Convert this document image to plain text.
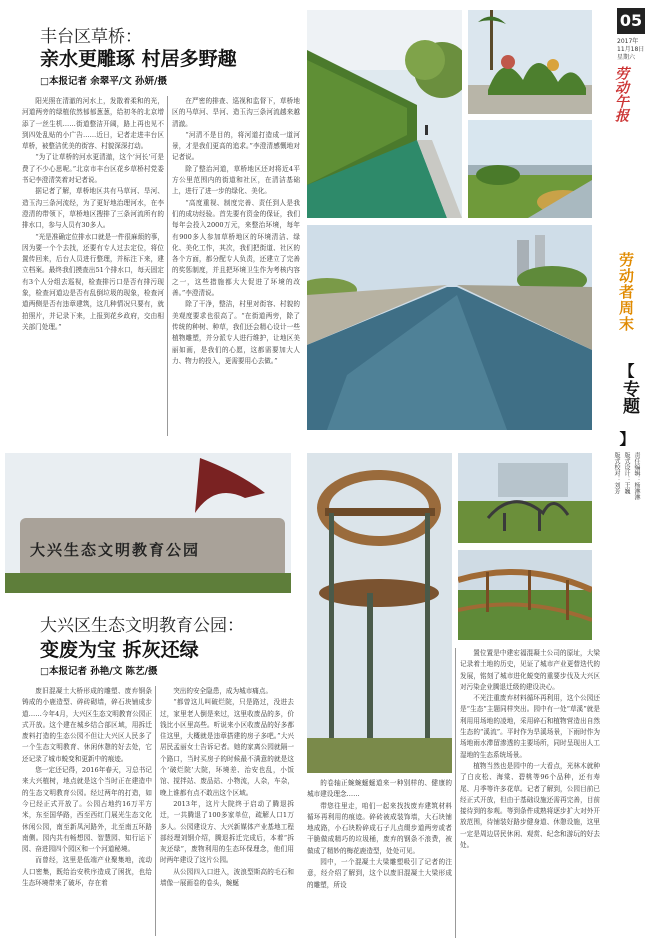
05
2017年
11月18日
星期六
劳动午报
劳动者周末
【
专题
】
责任编辑：杨淋淋
版式设计：王巍
版式校对：刘芳
丰台区草桥：
亲水更雕琢 村居多野趣
□本报记者 余翠平/文 孙妍/摄

阳光照在清澈的河水上，发散着柔和的光，河道两旁的绿植依然郁郁葱葱，给初冬的北京增添了一丝生机……街道整洁开阔，路上再也见不到四处乱贴的小广告……近日，记者走进丰台区草桥，被整洁优美的街容、村貌深深打动。

“为了让草桥的河水更清澈，这个‘河长’可是费了不少心思呢。”北京市丰台区花乡草桥村党委书记李澄清笑着对记者说。

据记者了解，草桥地区共有马草河、旱河、造玉沟三条河流经，为了更好地治理河水，在李澄清的带领下，草桥地区搜排了三条河流所有的排水口，参与人员有30多人。

“光是准确定位排水口就是一件很麻烦的事，因为要一个个去找，还要有专人过去定位，将位置传回来，后台人员进行整理，并标注下来，建立档案。最终我们摸查出51个排水口，每天固定有3个人分组去巡视，检查排污口是否有排污现象，检查河道边是否有乱倒垃圾的现象，检查河道两侧是否有违章建筑，这几种情况只要有，就拍照片，并记录下来，上报到花乡政府，交由相关部门处理。”

在严密的排查、巡视和监督下，草桥地区的马草河、旱河、造玉沟三条河流越来越清澈。

“河清不是目的，将河道打造成一道河景，才是我们更高的追求。”李澄清感慨地对记者说。

除了整治河道，草桥地区还对将近4平方公里范围内的街道和社区，在清洁基础上，进行了进一步的绿化、美化。

“高度重视、制度完善、责任到人是我们的成功经验。首先要有资金的保证，我们每年会投入2000万元，来整治环境，每年有900多人参加草桥地区的环境清洁、绿化、美化工作，其次，我们把街道、社区的各个方面，都分配专人负责，还建立了完善的奖惩制度，并且把环境卫生作为考核内容之一，这些措施都大大促进了环境的改善。”李澄清说。

除了干净，整洁，村里对街容、村貌的美观度要求也很高了。“在街道两旁，除了传统的种树、种草，我们还会精心设计一些植物雕塑，并分派专人进行维护，让地区美丽如画，是我们的心愿，这都需要加大人力、物力的投入，更需要用心去做。”

大兴生态文明教育公园
大兴区生态文明教育公园：
变废为宝 拆灰还绿
□本报记者 孙艳/文 陈艺/摄

废旧混凝土大桥形成的雕塑、废弃钢条铸成的小鹿造型、碎砖砌墙，碎石块铺成步道……今年4月，大兴区生态文明教育公园正式开放。这个建在城乡结合部区域，用拆迁废料打造的生态公园不但让大兴区人民多了一个生态文明教育、休闲休憩的好去处，它还记录了城市蜕变和更新中的痕迹。

您一定还记得，2016年春天，习总书记来大兴植树，地点就是这个当时正在建造中的生态文明教育公园。经过两年的打造，如今已经正式开放了。公园占地约16万平方米，东至国华路，西至西红门展光生态文化休闲公园，南至新凤河路外，北至南五环路南侧。园内共有畅想园、智慧园、知行运下园、奋进园四个园区和一个河道秘境。

而曾经，这里是低端产业聚集地，流动人口密集，既给治安秩序造成了困扰，也给生态环境带来了破坏，存在着

突出的安全隐患，成为城市痛点。

“都曾这儿叫破烂院，只是路过，没进去过，家里老人倒是来过，这里收废品的多，价钱比小区里高些。听说来小区收废品的好多都住这里，大概就是违章搭建的房子多吧。”大兴居民孟丽女士告诉记者。她的家离公园就隔一个路口，当时买房子的时候最不满意的就是这个‘破烂院’大院，环境差、治安也乱，小饭馆、搅拌站、废品站、小物流，人杂，车杂，晚上谁都有点不敢出这个区域。

2013年，这片大院终于启动了腾退拆迁，一共腾退了100多家单位，疏解人口1万多人。公园建设方、大兴新媒体产业基地工程部经理刘钢介绍，腾退拆迁完成后，本着“拆灰还绿”，废物利用的生态环保理念，他们用时两年建设了这片公园。

从公园四入口进入，波浪型斯高的毛石和墙像一展画卷的卷头，蜿蜒

的卷轴正蜿蜿蜒蜒道来一种别样的、健康的城市建设理念……

带您往里走，咱们一起来找找废弃建筑材料循环再利用的痕迹。碎砖被成装饰墙，大石块铺地成路，小石块粉碎成石子儿点缀步道两旁或者干脆做成精巧的垃圾桶，废弃的钢条不浪费，被做成了精妙的梅花鹿造型，处处可见。

园中，一个混凝土大梁雕塑吸引了记者的注意，经介绍了解到，这个以废旧混凝土大梁形成的雕塑，所设

置位置是中建宏福混凝土公司的原址，大梁记录着土地的历史，见证了城市产业更替迭代的发展，铭刻了城市进化蜕变的重要步伐及大兴区对污染企业腾退迁级的建设决心。

不光注重废弃材料循环再利用，这个公园还是“生态”主题同样突出。园中有一处“草溪”就是利用用场地的凌地，采用碎石和植物营造出自然生态的“溪流”。平时作为旱溪场景，下雨时作为场地雨水滞留渗透的主要场所，同时呈现出人工湿地的生态系统场景。

植物当然也是园中的一大看点，光林木就种了白皮松、海棠、碧桃等96个品种，还有寿尾、月季等许多花草。记者了解到，公园目前已经正式开放，但由于基础设施还需再完善，目前接待到的参观。等到条件成熟将逐步扩大对外开放范围，待铺装好路步健身道、休憩设施，这里一定是周边居民休闲、观赏、纪念和游玩的好去处。
